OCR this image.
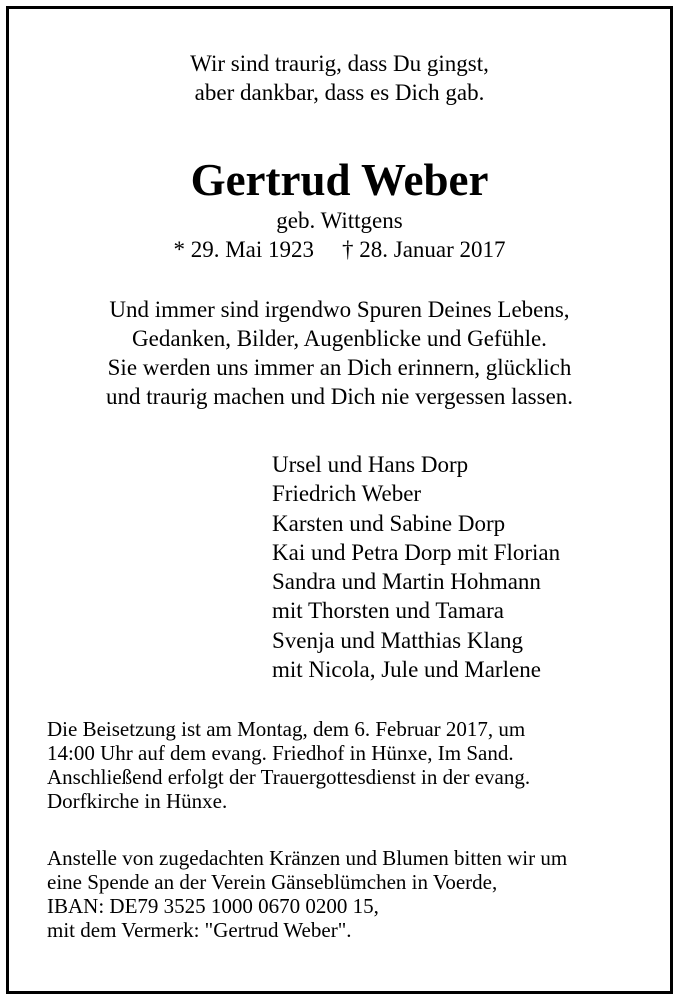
Wir sind traurig, dass Du gingst,
aber dankbar, dass es Dich gab.
Gertrud Weber
geb. Wittgens
* 29. Mai 1923 † 28. Januar 2017
Und immer sind irgendwo Spuren Deines Lebens,
Gedanken, Bilder, Augenblicke und Gefühle.
Sie werden uns immer an Dich erinnern, glücklich
und traurig machen und Dich nie vergessen lassen.
Ursel und Hans Dorp
Friedrich Weber
Karsten und Sabine Dorp
Kai und Petra Dorp mit Florian
Sandra und Martin Hohmann
mit Thorsten und Tamara
Svenja und Matthias Klang
mit Nicola, Jule und Marlene
Die Beisetzung ist am Montag, dem 6. Februar 2017, um
14:00 Uhr auf dem evang. Friedhof in Hünxe, Im Sand.
Anschließend erfolgt der Trauergottesdienst in der evang.
Dorfkirche in Hünxe.
Anstelle von zugedachten Kränzen und Blumen bitten wir um
eine Spende an der Verein Gänseblümchen in Voerde,
IBAN: DE79 3525 1000 0670 0200 15,
mit dem Vermerk: "Gertrud Weber".
